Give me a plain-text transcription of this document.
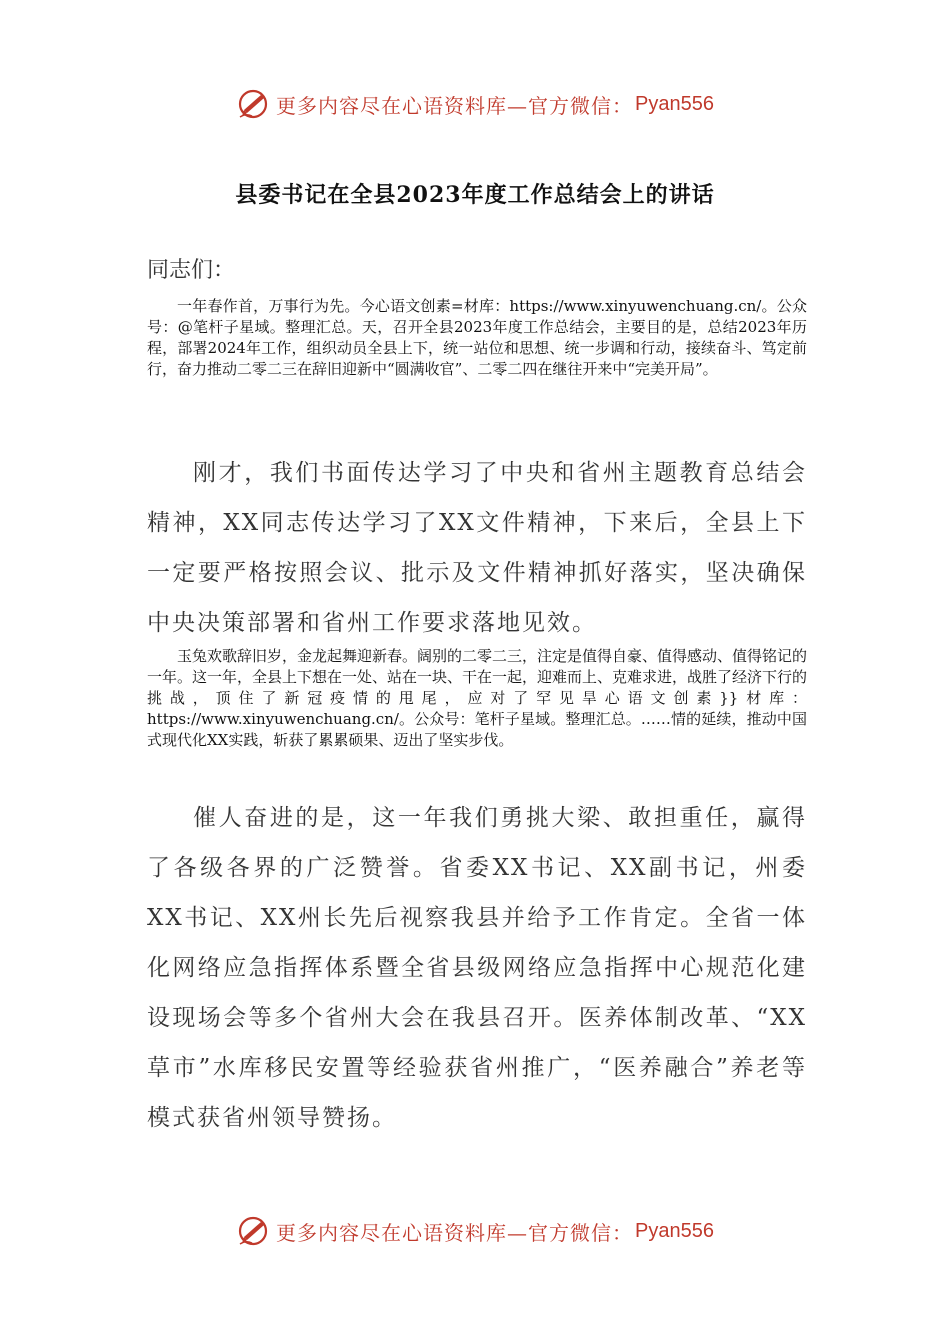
更多内容尽在心语资料库—官方微信： Pyan556
县委书记在全县2023年度工作总结会上的讲话
同志们：

一年春作首，万事行为先。今心语文创素=材库：https://www.xinyuwenchuang.cn/。公众号：@笔杆子星域。整理汇总。天，召开全县2023年度工作总结会，主要目的是，总结2023年历程，部署2024年工作，组织动员全县上下，统一站位和思想、统一步调和行动，接续奋斗、笃定前行，奋力推动二零二三在辞旧迎新中“圆满收官”、二零二四在继往开来中“完美开局”。

刚才，我们书面传达学习了中央和省州主题教育总结会精神，XX同志传达学习了XX文件精神，下来后，全县上下一定要严格按照会议、批示及文件精神抓好落实，坚决确保中央决策部署和省州工作要求落地见效。

玉兔欢歌辞旧岁，金龙起舞迎新春。阔别的二零二三，注定是值得自豪、值得感动、值得铭记的一年。这一年，全县上下想在一处、站在一块、干在一起，迎难而上、克难求进，战胜了经济下行的挑战，顶住了新冠疫情的甩尾，应对了罕见旱心语文创素}}材库：https://www.xinyuwenchuang.cn/。公众号：笔杆子星域。整理汇总。……情的延续，推动中国式现代化XX实践，斩获了累累硕果、迈出了坚实步伐。

催人奋进的是，这一年我们勇挑大梁、敢担重任，赢得了各级各界的广泛赞誉。省委XX书记、XX副书记，州委XX书记、XX州长先后视察我县并给予工作肯定。全省一体化网络应急指挥体系暨全省县级网络应急指挥中心规范化建设现场会等多个省州大会在我县召开。医养体制改革、“XX草市”水库移民安置等经验获省州推广，“医养融合”养老等模式获省州领导赞扬。

更多内容尽在心语资料库—官方微信： Pyan556
